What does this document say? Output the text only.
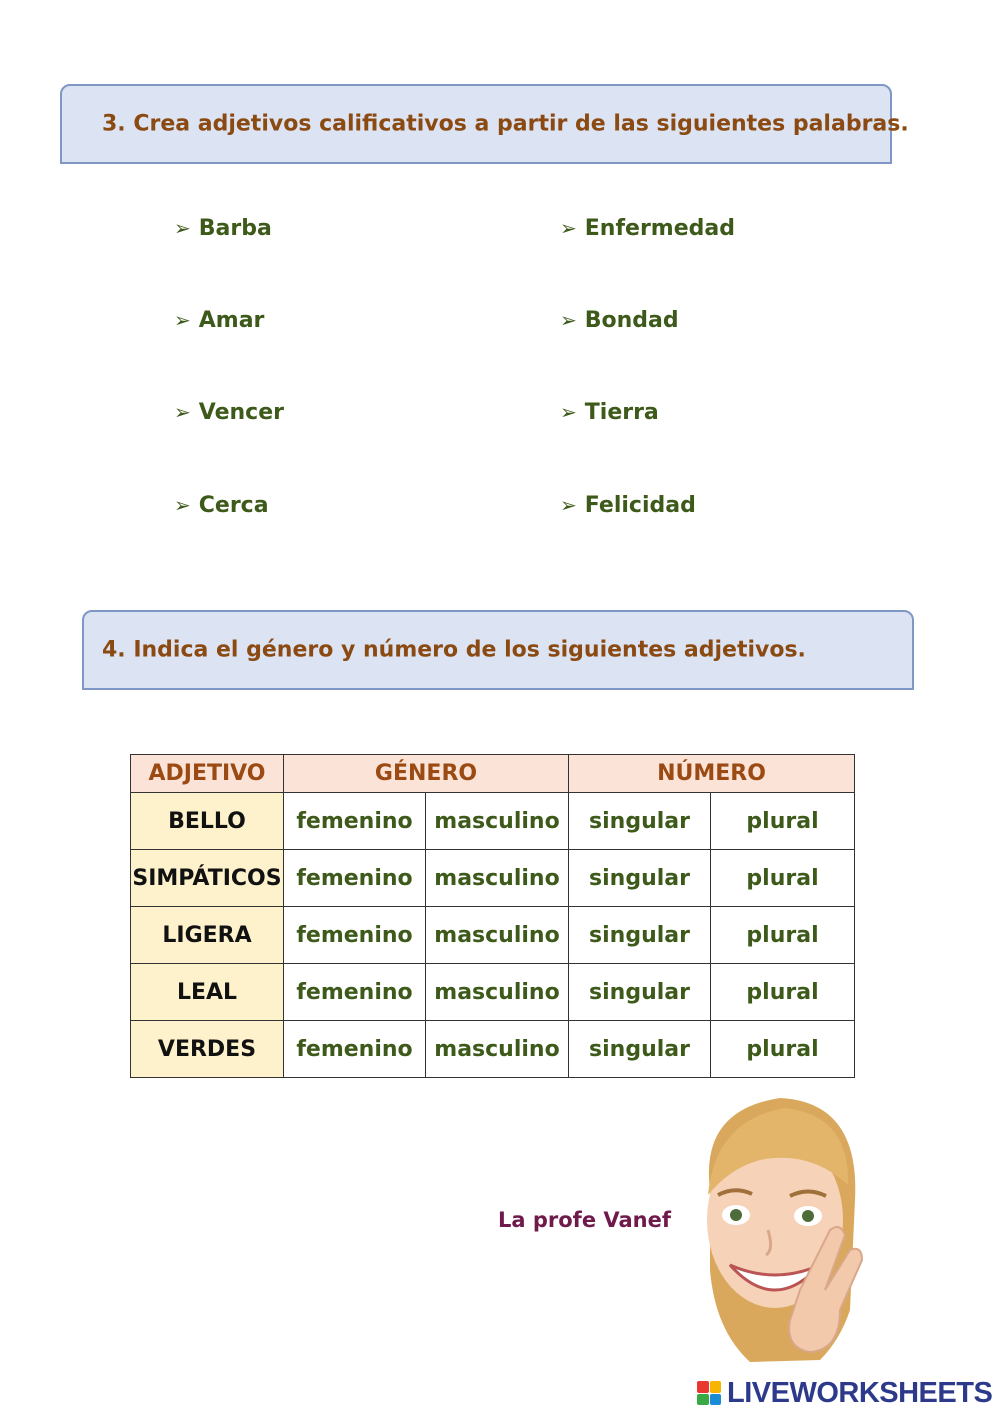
3. Crea adjetivos calificativos a partir de las siguientes palabras.
➢ Barba
➢ Amar
➢ Vencer
➢ Cerca
➢ Enfermedad
➢ Bondad
➢ Tierra
➢ Felicidad
4. Indica el género y número de los siguientes adjetivos.
ADJETIVO	GÉNERO		NÚMERO	
BELLO	femenino	masculino	singular	plural
SIMPÁTICOS	femenino	masculino	singular	plural
LIGERA	femenino	masculino	singular	plural
LEAL	femenino	masculino	singular	plural
VERDES	femenino	masculino	singular	plural
La profe Vanef
LIVEWORKSHEETS
